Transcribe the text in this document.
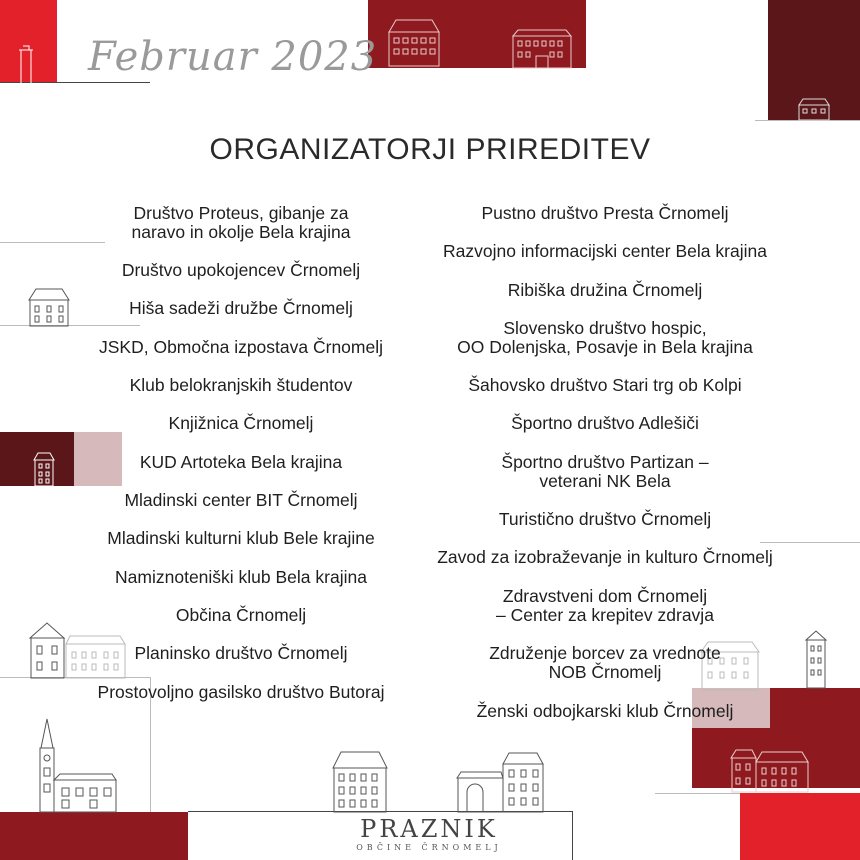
Februar 2023
ORGANIZATORJI PRIREDITEV
Društvo Proteus, gibanje za
naravo in okolje Bela krajina
Društvo upokojencev Črnomelj
Hiša sadeži družbe Črnomelj
JSKD, Območna izpostava Črnomelj
Klub belokranjskih študentov
Knjižnica Črnomelj
KUD Artoteka Bela krajina
Mladinski center BIT Črnomelj
Mladinski kulturni klub Bele krajine
Namiznoteniški klub Bela krajina
Občina Črnomelj
Planinsko društvo Črnomelj
Prostovoljno gasilsko društvo Butoraj
Pustno društvo Presta Črnomelj
Razvojno informacijski center Bela krajina
Ribiška družina Črnomelj
Slovensko društvo hospic,
OO Dolenjska, Posavje in Bela krajina
Šahovsko društvo Stari trg ob Kolpi
Športno društvo Adlešiči
Športno društvo Partizan –
veterani NK Bela
Turistično društvo Črnomelj
Zavod za izobraževanje in kulturo Črnomelj
Zdravstveni dom Črnomelj
– Center za krepitev zdravja
Združenje borcev za vrednote
NOB Črnomelj
Ženski odbojkarski klub Črnomelj
PRAZNIK
OBČINE ČRNOMELJ
